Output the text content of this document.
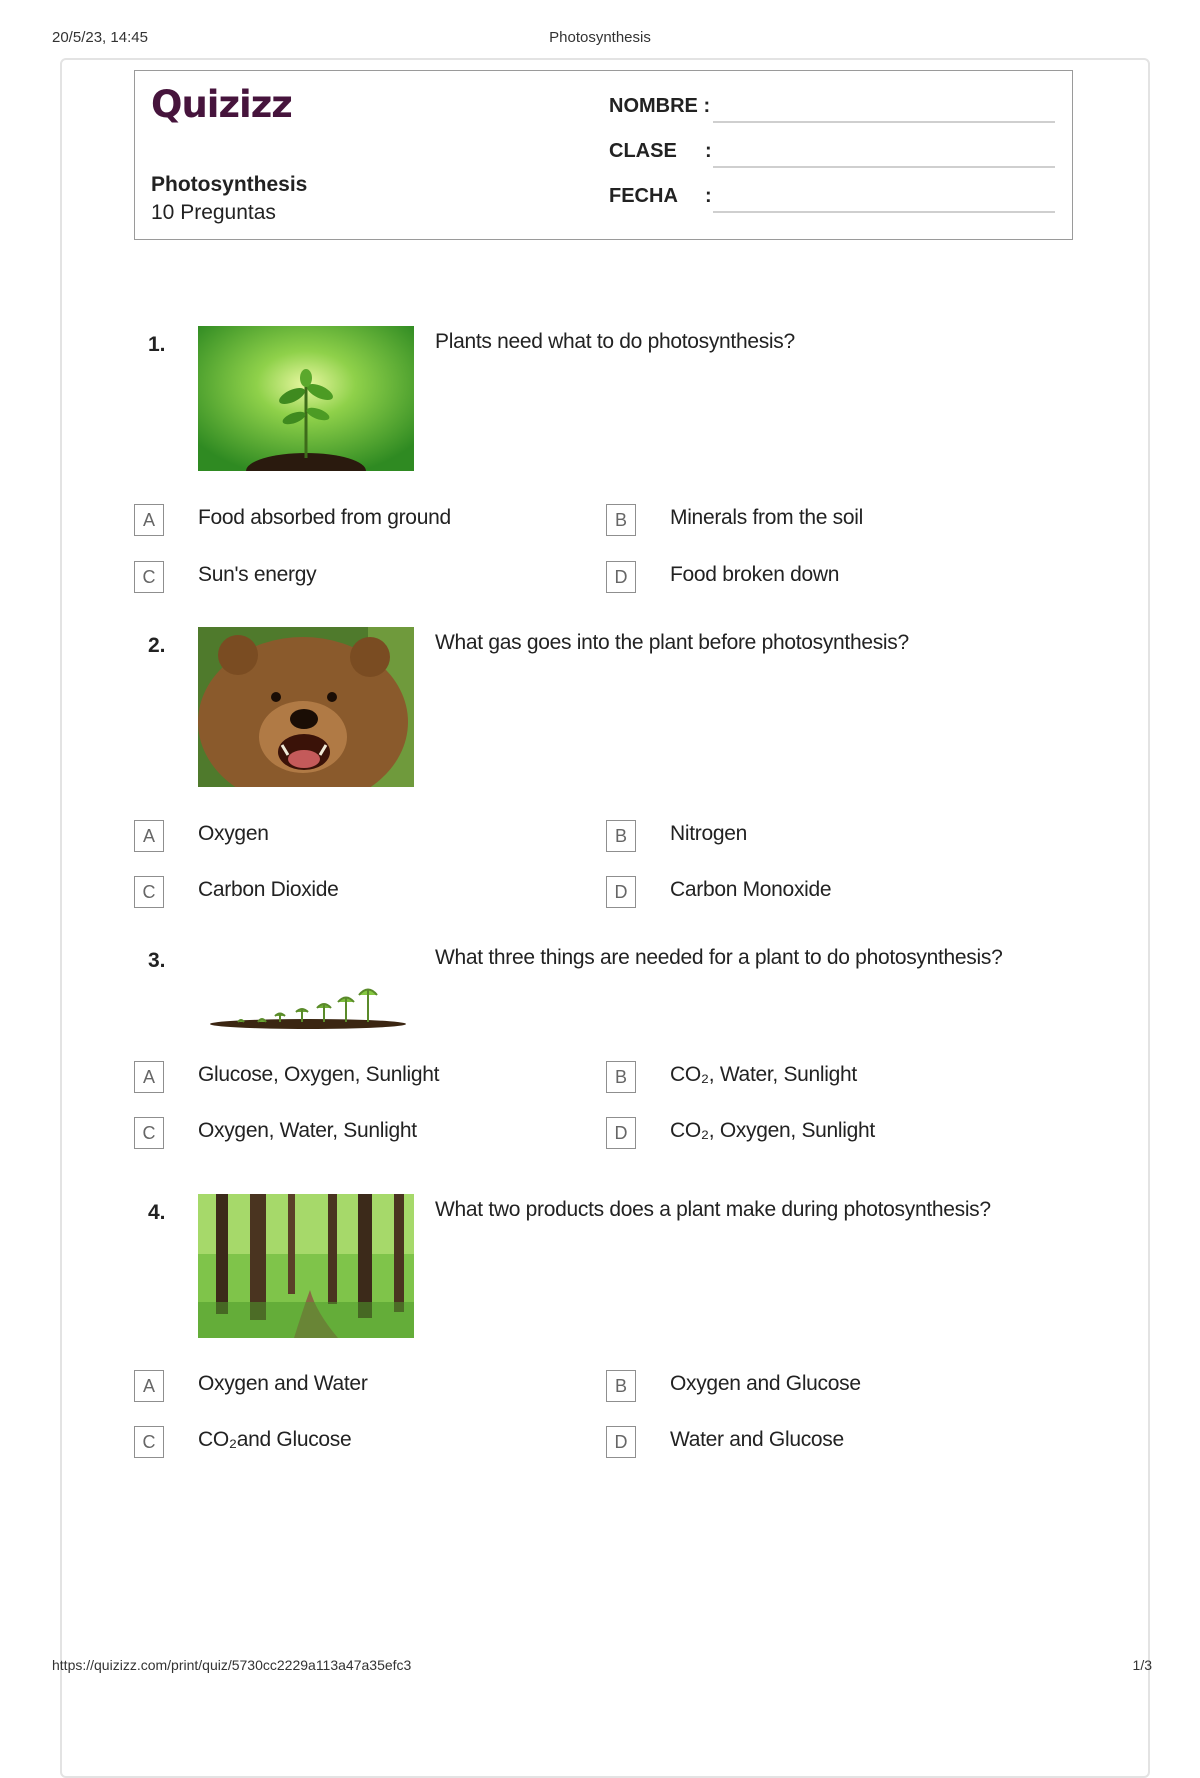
20/5/23, 14:45	Photosynthesis
Quizizz
Photosynthesis
10 Preguntas
NOMBRE :
CLASE :
FECHA :
1.	Plants need what to do photosynthesis?
A	Food absorbed from ground	B	Minerals from the soil
C	Sun's energy	D	Food broken down
2.	What gas goes into the plant before photosynthesis?
A	Oxygen	B	Nitrogen
C	Carbon Dioxide	D	Carbon Monoxide
3.	What three things are needed for a plant to do photosynthesis?
A	Glucose, Oxygen, Sunlight	B	CO₂, Water, Sunlight
C	Oxygen, Water, Sunlight	D	CO₂, Oxygen, Sunlight
4.	What two products does a plant make during photosynthesis?
A	Oxygen and Water	B	Oxygen and Glucose
C	CO₂and Glucose	D	Water and Glucose
https://quizizz.com/print/quiz/5730cc2229a113a47a35efc3	1/3
